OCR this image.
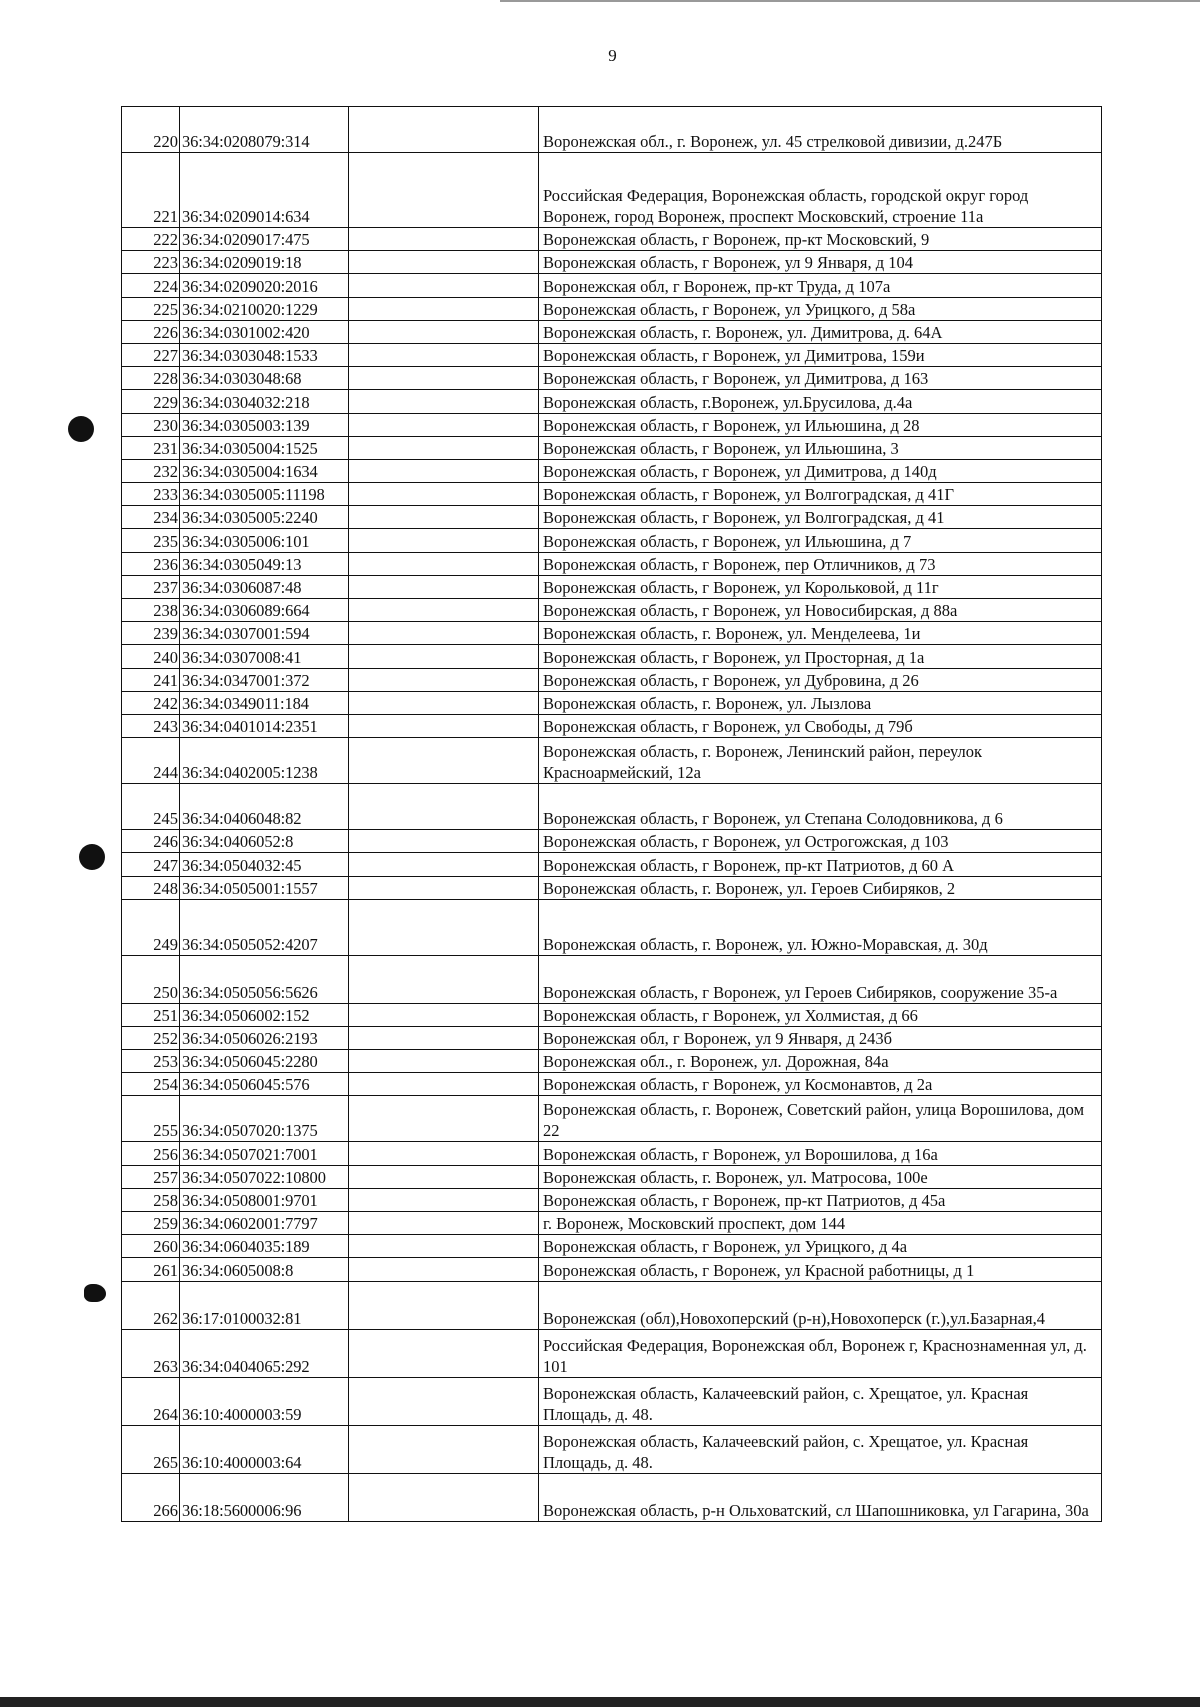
9
220	36:34:0208079:314		Воронежская обл., г. Воронеж, ул. 45 стрелковой дивизии, д.247Б
221	36:34:0209014:634		Российская Федерация, Воронежская область, городской округ город Воронеж, город Воронеж, проспект Московский, строение 11а
222	36:34:0209017:475		Воронежская область, г Воронеж, пр-кт Московский, 9
223	36:34:0209019:18		Воронежская область, г Воронеж, ул 9 Января, д 104
224	36:34:0209020:2016		Воронежская обл, г Воронеж, пр-кт Труда, д 107а
225	36:34:0210020:1229		Воронежская область, г Воронеж, ул Урицкого, д 58а
226	36:34:0301002:420		Воронежская область, г. Воронеж, ул. Димитрова, д. 64А
227	36:34:0303048:1533		Воронежская область, г Воронеж, ул Димитрова, 159и
228	36:34:0303048:68		Воронежская область, г Воронеж, ул Димитрова, д 163
229	36:34:0304032:218		Воронежская область, г.Воронеж, ул.Брусилова, д.4а
230	36:34:0305003:139		Воронежская область, г Воронеж, ул Ильюшина, д 28
231	36:34:0305004:1525		Воронежская область, г Воронеж, ул Ильюшина, 3
232	36:34:0305004:1634		Воронежская область, г Воронеж, ул Димитрова, д 140д
233	36:34:0305005:11198		Воронежская область, г Воронеж, ул Волгоградская, д 41Г
234	36:34:0305005:2240		Воронежская область, г Воронеж, ул Волгоградская, д 41
235	36:34:0305006:101		Воронежская область, г Воронеж, ул Ильюшина, д 7
236	36:34:0305049:13		Воронежская область, г Воронеж, пер Отличников, д 73
237	36:34:0306087:48		Воронежская область, г Воронеж, ул Корольковой, д 11г
238	36:34:0306089:664		Воронежская область, г Воронеж, ул Новосибирская, д 88а
239	36:34:0307001:594		Воронежская область, г. Воронеж, ул. Менделеева, 1и
240	36:34:0307008:41		Воронежская область, г Воронеж, ул Просторная, д 1а
241	36:34:0347001:372		Воронежская область, г Воронеж, ул Дубровина, д 26
242	36:34:0349011:184		Воронежская область, г. Воронеж, ул. Лызлова
243	36:34:0401014:2351		Воронежская область, г Воронеж, ул Свободы, д 79б
244	36:34:0402005:1238		Воронежская область, г. Воронеж, Ленинский район, переулок Красноармейский, 12а
245	36:34:0406048:82		Воронежская область, г Воронеж, ул Степана Солодовникова, д 6
246	36:34:0406052:8		Воронежская область, г Воронеж, ул Острогожская, д 103
247	36:34:0504032:45		Воронежская область, г Воронеж, пр-кт Патриотов, д 60 А
248	36:34:0505001:1557		Воронежская область, г. Воронеж, ул. Героев Сибиряков, 2
249	36:34:0505052:4207		Воронежская область, г. Воронеж, ул. Южно-Моравская, д. 30д
250	36:34:0505056:5626		Воронежская область, г Воронеж, ул Героев Сибиряков, сооружение 35-а
251	36:34:0506002:152		Воронежская область, г Воронеж, ул Холмистая, д 66
252	36:34:0506026:2193		Воронежская обл, г Воронеж, ул 9 Января, д 243б
253	36:34:0506045:2280		Воронежская обл., г. Воронеж, ул. Дорожная, 84а
254	36:34:0506045:576		Воронежская область, г Воронеж, ул Космонавтов, д 2а
255	36:34:0507020:1375		Воронежская область, г. Воронеж, Советский район, улица Ворошилова, дом 22
256	36:34:0507021:7001		Воронежская область, г Воронеж, ул Ворошилова, д 16а
257	36:34:0507022:10800		Воронежская область, г. Воронеж, ул. Матросова, 100е
258	36:34:0508001:9701		Воронежская область, г Воронеж, пр-кт Патриотов, д 45а
259	36:34:0602001:7797		г. Воронеж, Московский проспект, дом 144
260	36:34:0604035:189		Воронежская область, г Воронеж, ул Урицкого, д 4а
261	36:34:0605008:8		Воронежская область, г Воронеж, ул Красной работницы, д 1
262	36:17:0100032:81		Воронежская (обл),Новохоперский (р-н),Новохоперск (г.),ул.Базарная,4
263	36:34:0404065:292		Российская Федерация, Воронежская обл, Воронеж г, Краснознаменная ул, д. 101
264	36:10:4000003:59		Воронежская область, Калачеевский район, с. Хрещатое, ул. Красная Площадь, д. 48.
265	36:10:4000003:64		Воронежская область, Калачеевский район, с. Хрещатое, ул. Красная Площадь, д. 48.
266	36:18:5600006:96		Воронежская область, р-н Ольховатский, сл Шапошниковка, ул Гагарина, 30а
